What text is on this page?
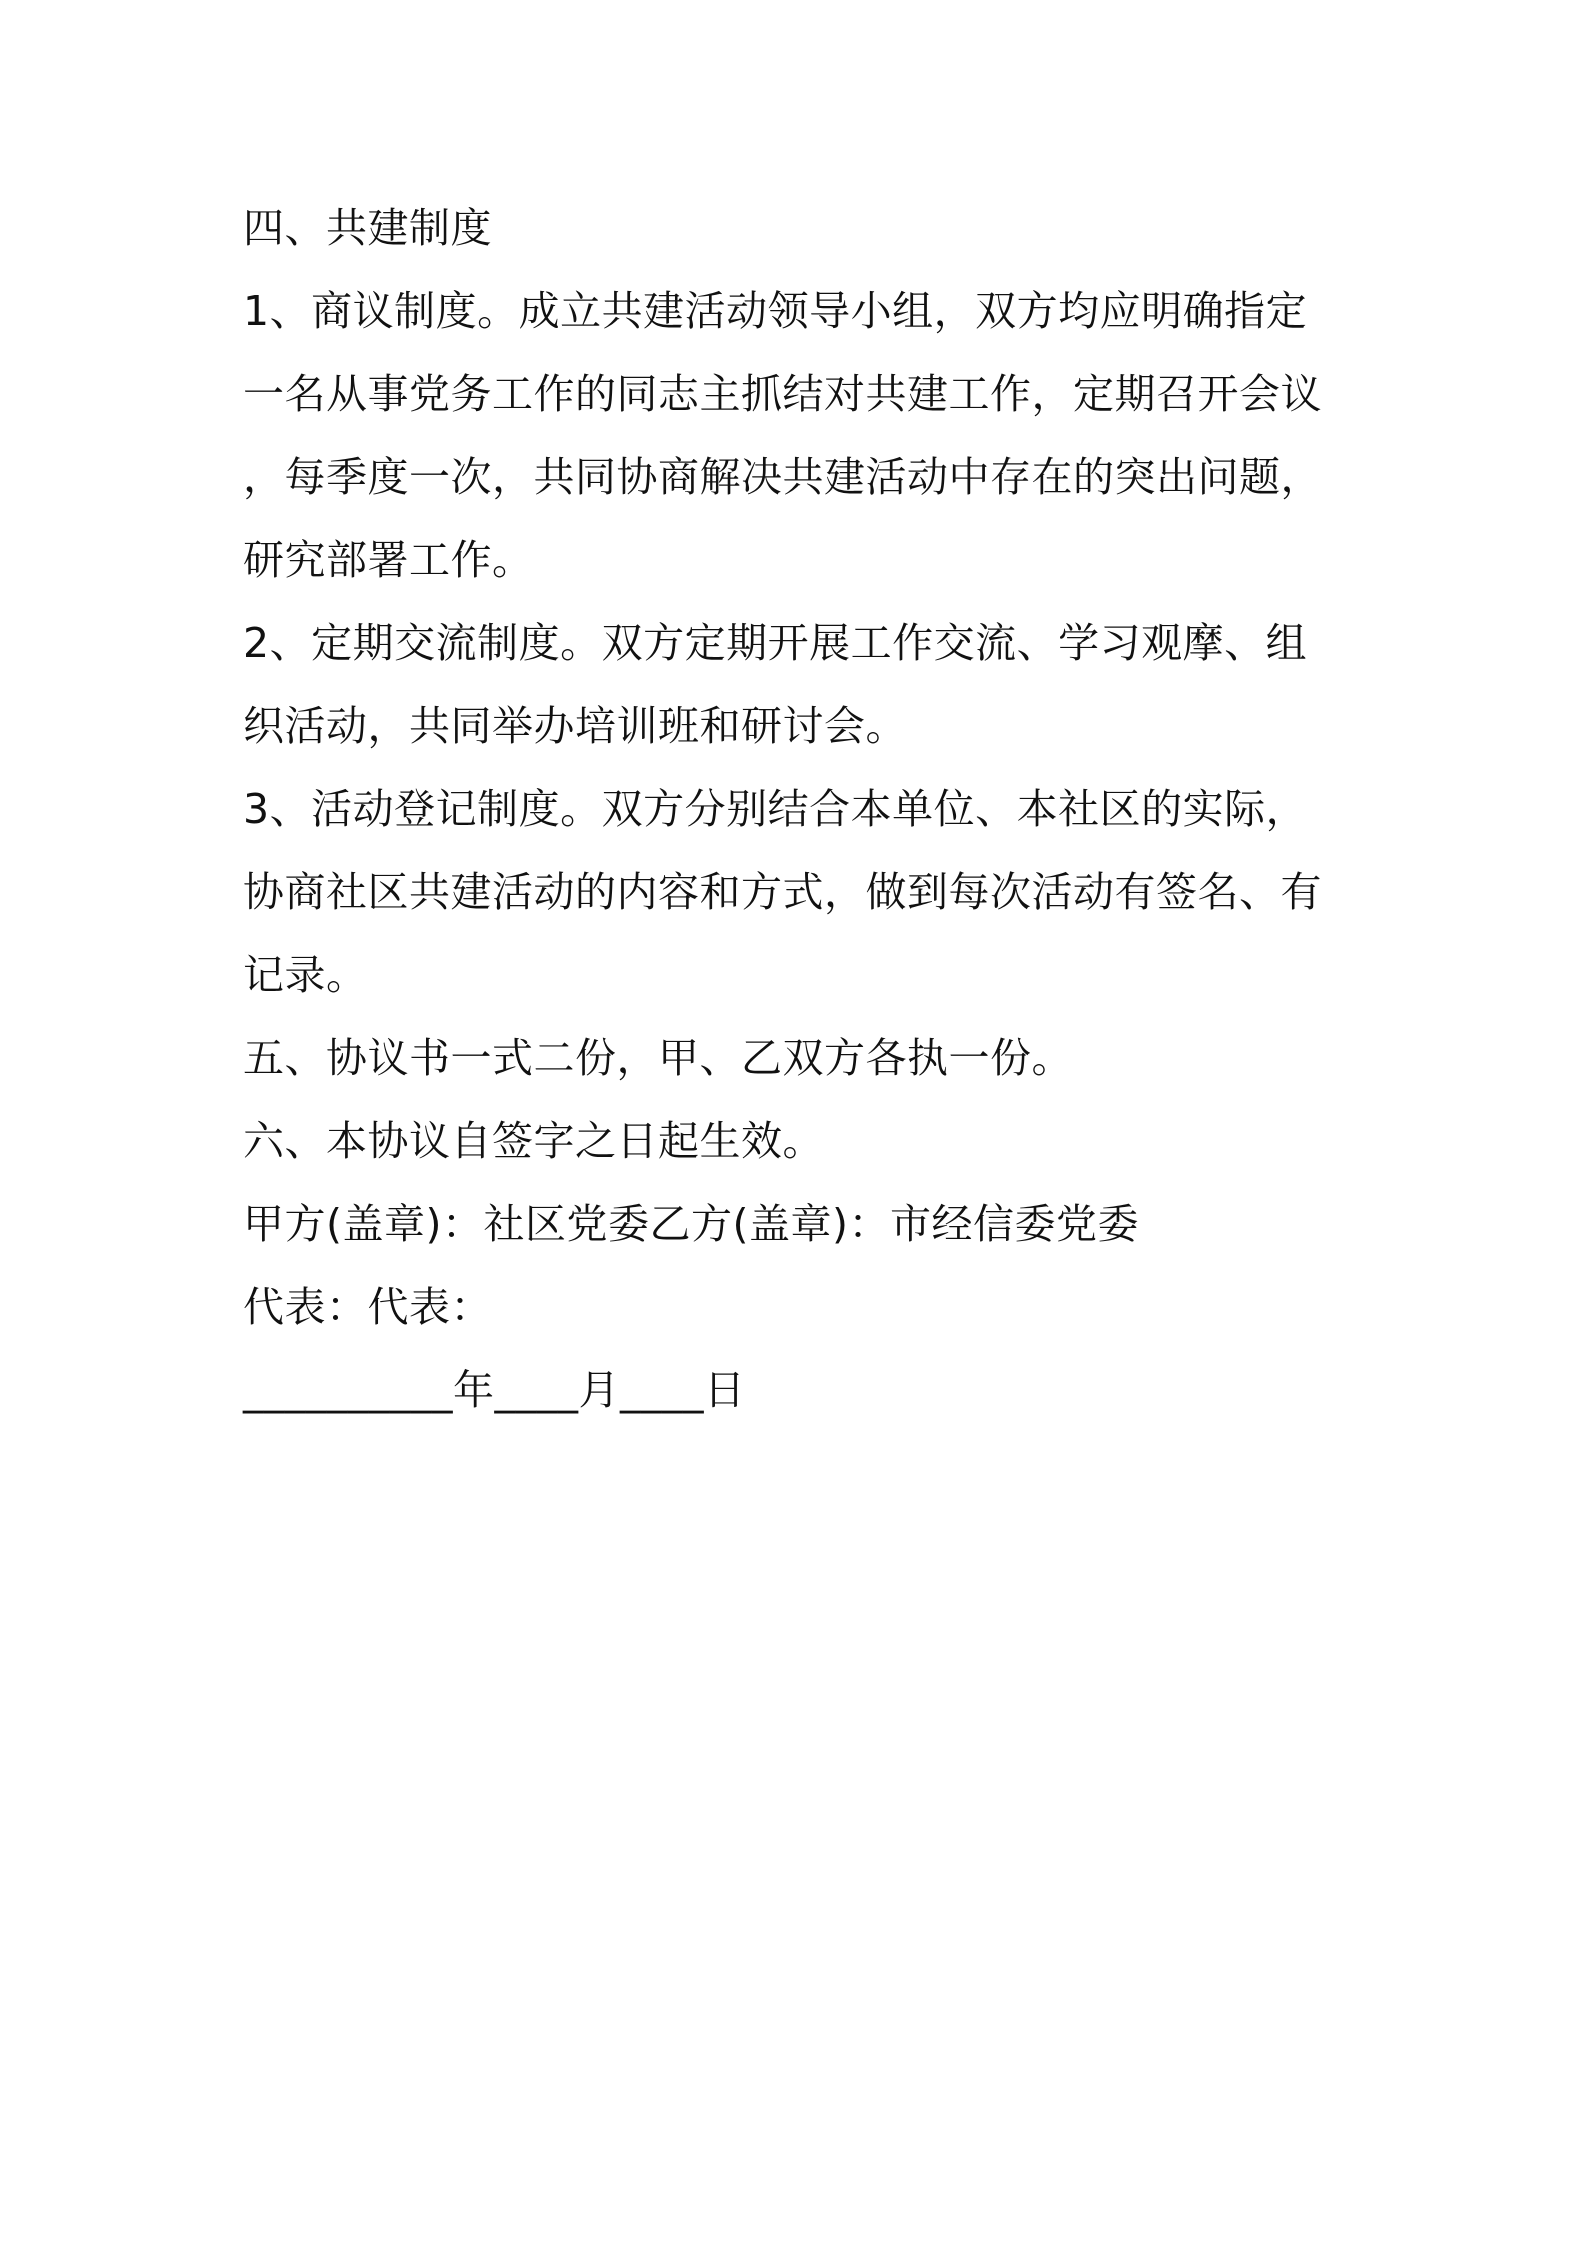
四、共建制度

1、商议制度。成立共建活动领导小组，双方均应明确指定

一名从事党务工作的同志主抓结对共建工作，定期召开会议

，每季度一次，共同协商解决共建活动中存在的突出问题，

研究部署工作。

2、定期交流制度。双方定期开展工作交流、学习观摩、组

织活动，共同举办培训班和研讨会。

3、活动登记制度。双方分别结合本单位、本社区的实际，

协商社区共建活动的内容和方式，做到每次活动有签名、有

记录。

五、协议书一式二份，甲、乙双方各执一份。

六、本协议自签字之日起生效。

甲方(盖章)：社区党委乙方(盖章)：市经信委党委

代表：代表：

__________年____月____日
